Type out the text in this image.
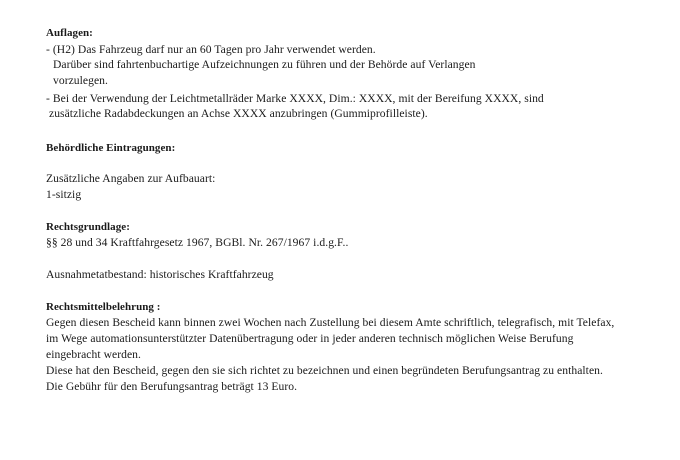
Auflagen:
- (H2) Das Fahrzeug darf nur an 60 Tagen pro Jahr verwendet werden.
Darüber sind fahrtenbuchartige Aufzeichnungen zu führen und der Behörde auf Verlangen
vorzulegen.
- Bei der Verwendung der Leichtmetallräder Marke XXXX, Dim.: XXXX, mit der Bereifung XXXX, sind
zusätzliche Radabdeckungen an Achse XXXX anzubringen (Gummiprofilleiste).
Behördliche Eintragungen:
Zusätzliche Angaben zur Aufbauart:
1-sitzig
Rechtsgrundlage:
§§ 28 und 34 Kraftfahrgesetz 1967, BGBl. Nr. 267/1967 i.d.g.F..
Ausnahmetatbestand: historisches Kraftfahrzeug
Rechtsmittelbelehrung :
Gegen diesen Bescheid kann binnen zwei Wochen nach Zustellung bei diesem Amte schriftlich, telegrafisch, mit Telefax,
im Wege automationsunterstützter Datenübertragung oder in jeder anderen technisch möglichen Weise Berufung
eingebracht werden.
Diese hat den Bescheid, gegen den sie sich richtet zu bezeichnen und einen begründeten Berufungsantrag zu enthalten.
Die Gebühr für den Berufungsantrag beträgt 13 Euro.
